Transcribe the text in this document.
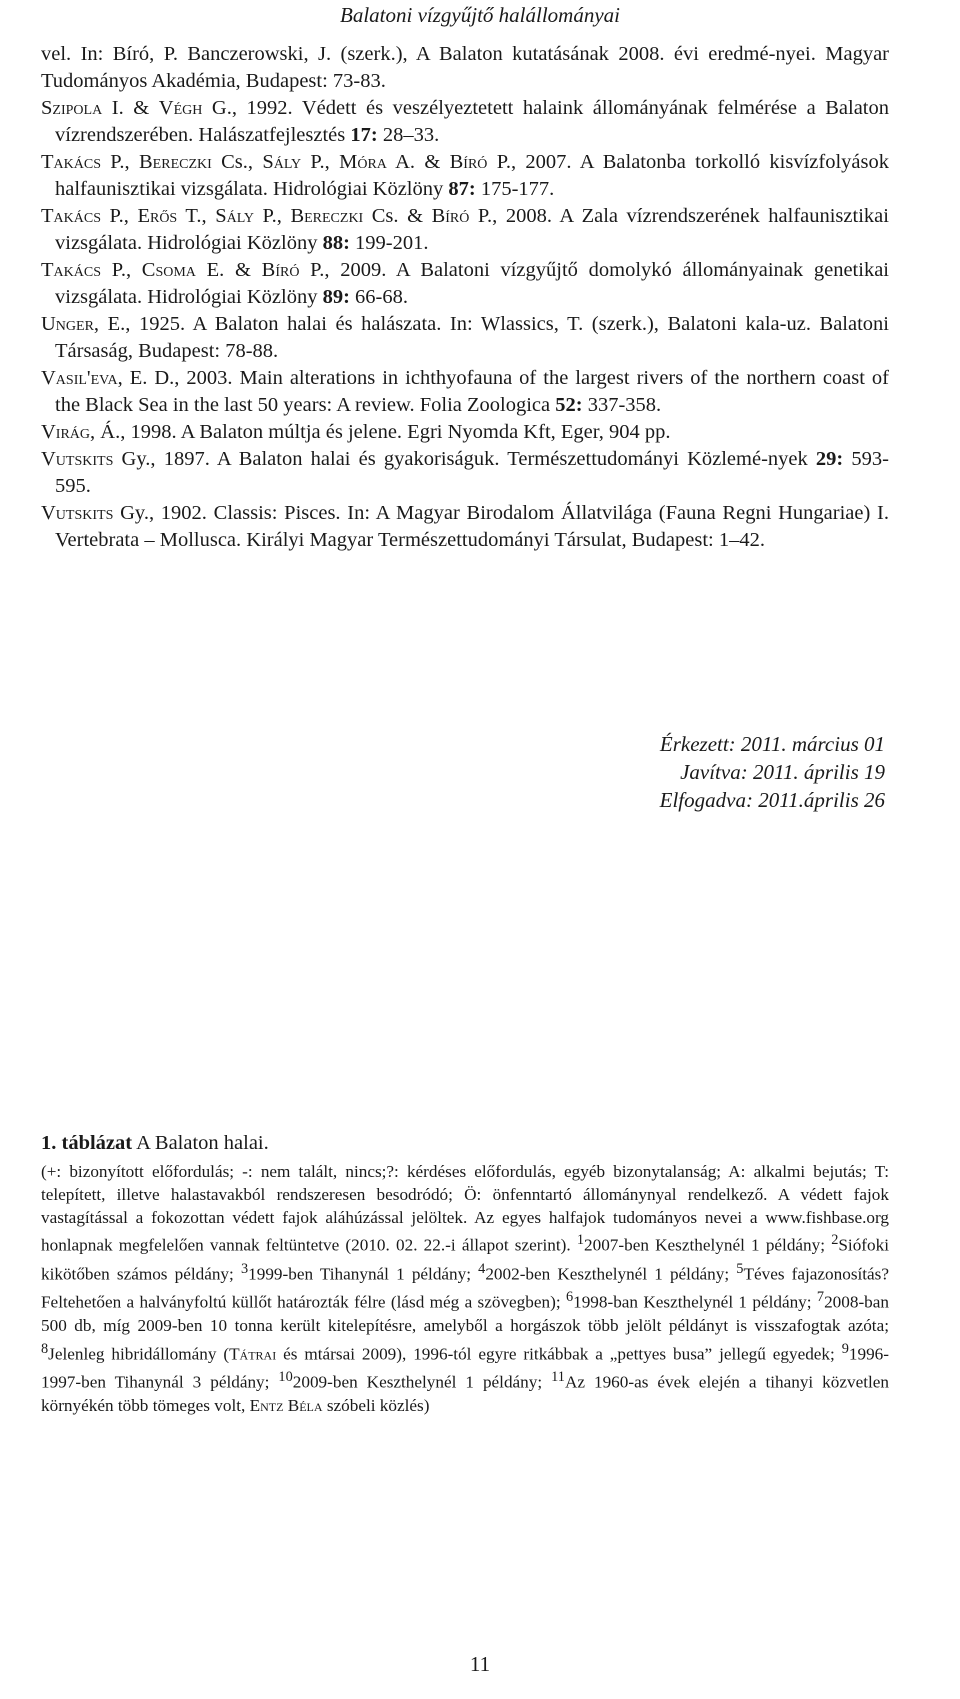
Balatoni vízgyűjtő halállományai

vel. In: Bíró, P. Banczerowski, J. (szerk.), A Balaton kutatásának 2008. évi eredmé-nyei. Magyar Tudományos Akadémia, Budapest: 73-83.

Szipola I. & Végh G., 1992. Védett és veszélyeztetett halaink állományának felmérése a Balaton vízrendszerében. Halászatfejlesztés 17: 28–33.

Takács P., Bereczki Cs., Sály P., Móra A. & Bíró P., 2007. A Balatonba torkolló kisvízfolyások halfaunisztikai vizsgálata. Hidrológiai Közlöny 87: 175-177.

Takács P., Erős T., Sály P., Bereczki Cs. & Bíró P., 2008. A Zala vízrendszerének halfaunisztikai vizsgálata. Hidrológiai Közlöny 88: 199-201.

Takács P., Csoma E. & Bíró P., 2009. A Balatoni vízgyűjtő domolykó állományainak genetikai vizsgálata. Hidrológiai Közlöny 89: 66-68.

Unger, E., 1925. A Balaton halai és halászata. In: Wlassics, T. (szerk.), Balatoni kala-uz. Balatoni Társaság, Budapest: 78-88.

Vasil'eva, E. D., 2003. Main alterations in ichthyofauna of the largest rivers of the northern coast of the Black Sea in the last 50 years: A review. Folia Zoologica 52: 337-358.

Virág, Á., 1998. A Balaton múltja és jelene. Egri Nyomda Kft, Eger, 904 pp.

Vutskits Gy., 1897. A Balaton halai és gyakoriságuk. Természettudományi Közlemé-nyek 29: 593-595.

Vutskits Gy., 1902. Classis: Pisces. In: A Magyar Birodalom Állatvilága (Fauna Regni Hungariae) I. Vertebrata – Mollusca. Királyi Magyar Természettudományi Társulat, Budapest: 1–42.

Érkezett: 2011. március 01
Javítva: 2011. április 19
Elfogadva: 2011.április 26
1. táblázat A Balaton halai.
(+: bizonyított előfordulás; -: nem talált, nincs;?: kérdéses előfordulás, egyéb bizonytalanság; A: alkalmi bejutás; T: telepített, illetve halastavakból rendszeresen besodródó; Ö: önfenntartó állománynyal rendelkező. A védett fajok vastagítással a fokozottan védett fajok aláhúzással jelöltek. Az egyes halfajok tudományos nevei a www.fishbase.org honlapnak megfelelően vannak feltüntetve (2010. 02. 22.-i állapot szerint). $^1$2007-ben Keszthelynél 1 példány; $^2$Siófoki kikötőben számos példány; $^3$1999-ben Tihanynál 1 példány; $^4$2002-ben Keszthelynél 1 példány; $^5$Téves fajazonosítás? Feltehetően a halványfoltú küllőt határozták félre (lásd még a szövegben); $^6$1998-ban Keszthelynél 1 példány; $^7$2008-ban 500 db, míg 2009-ben 10 tonna került kitelepítésre, amelyből a horgászok több jelölt példányt is visszafogtak azóta; $^8$Jelenleg hibridállomány (Tátrai és mtársai 2009), 1996-tól egyre ritkábbak a „pettyes busa” jellegű egyedek; $^9$1996-1997-ben Tihanynál 3 példány; $^{10}$2009-ben Keszthelynél 1 példány; $^{11}$Az 1960-as évek elején a tihanyi közvetlen környékén több tömeges volt, Entz Béla szóbeli közlés)
11
